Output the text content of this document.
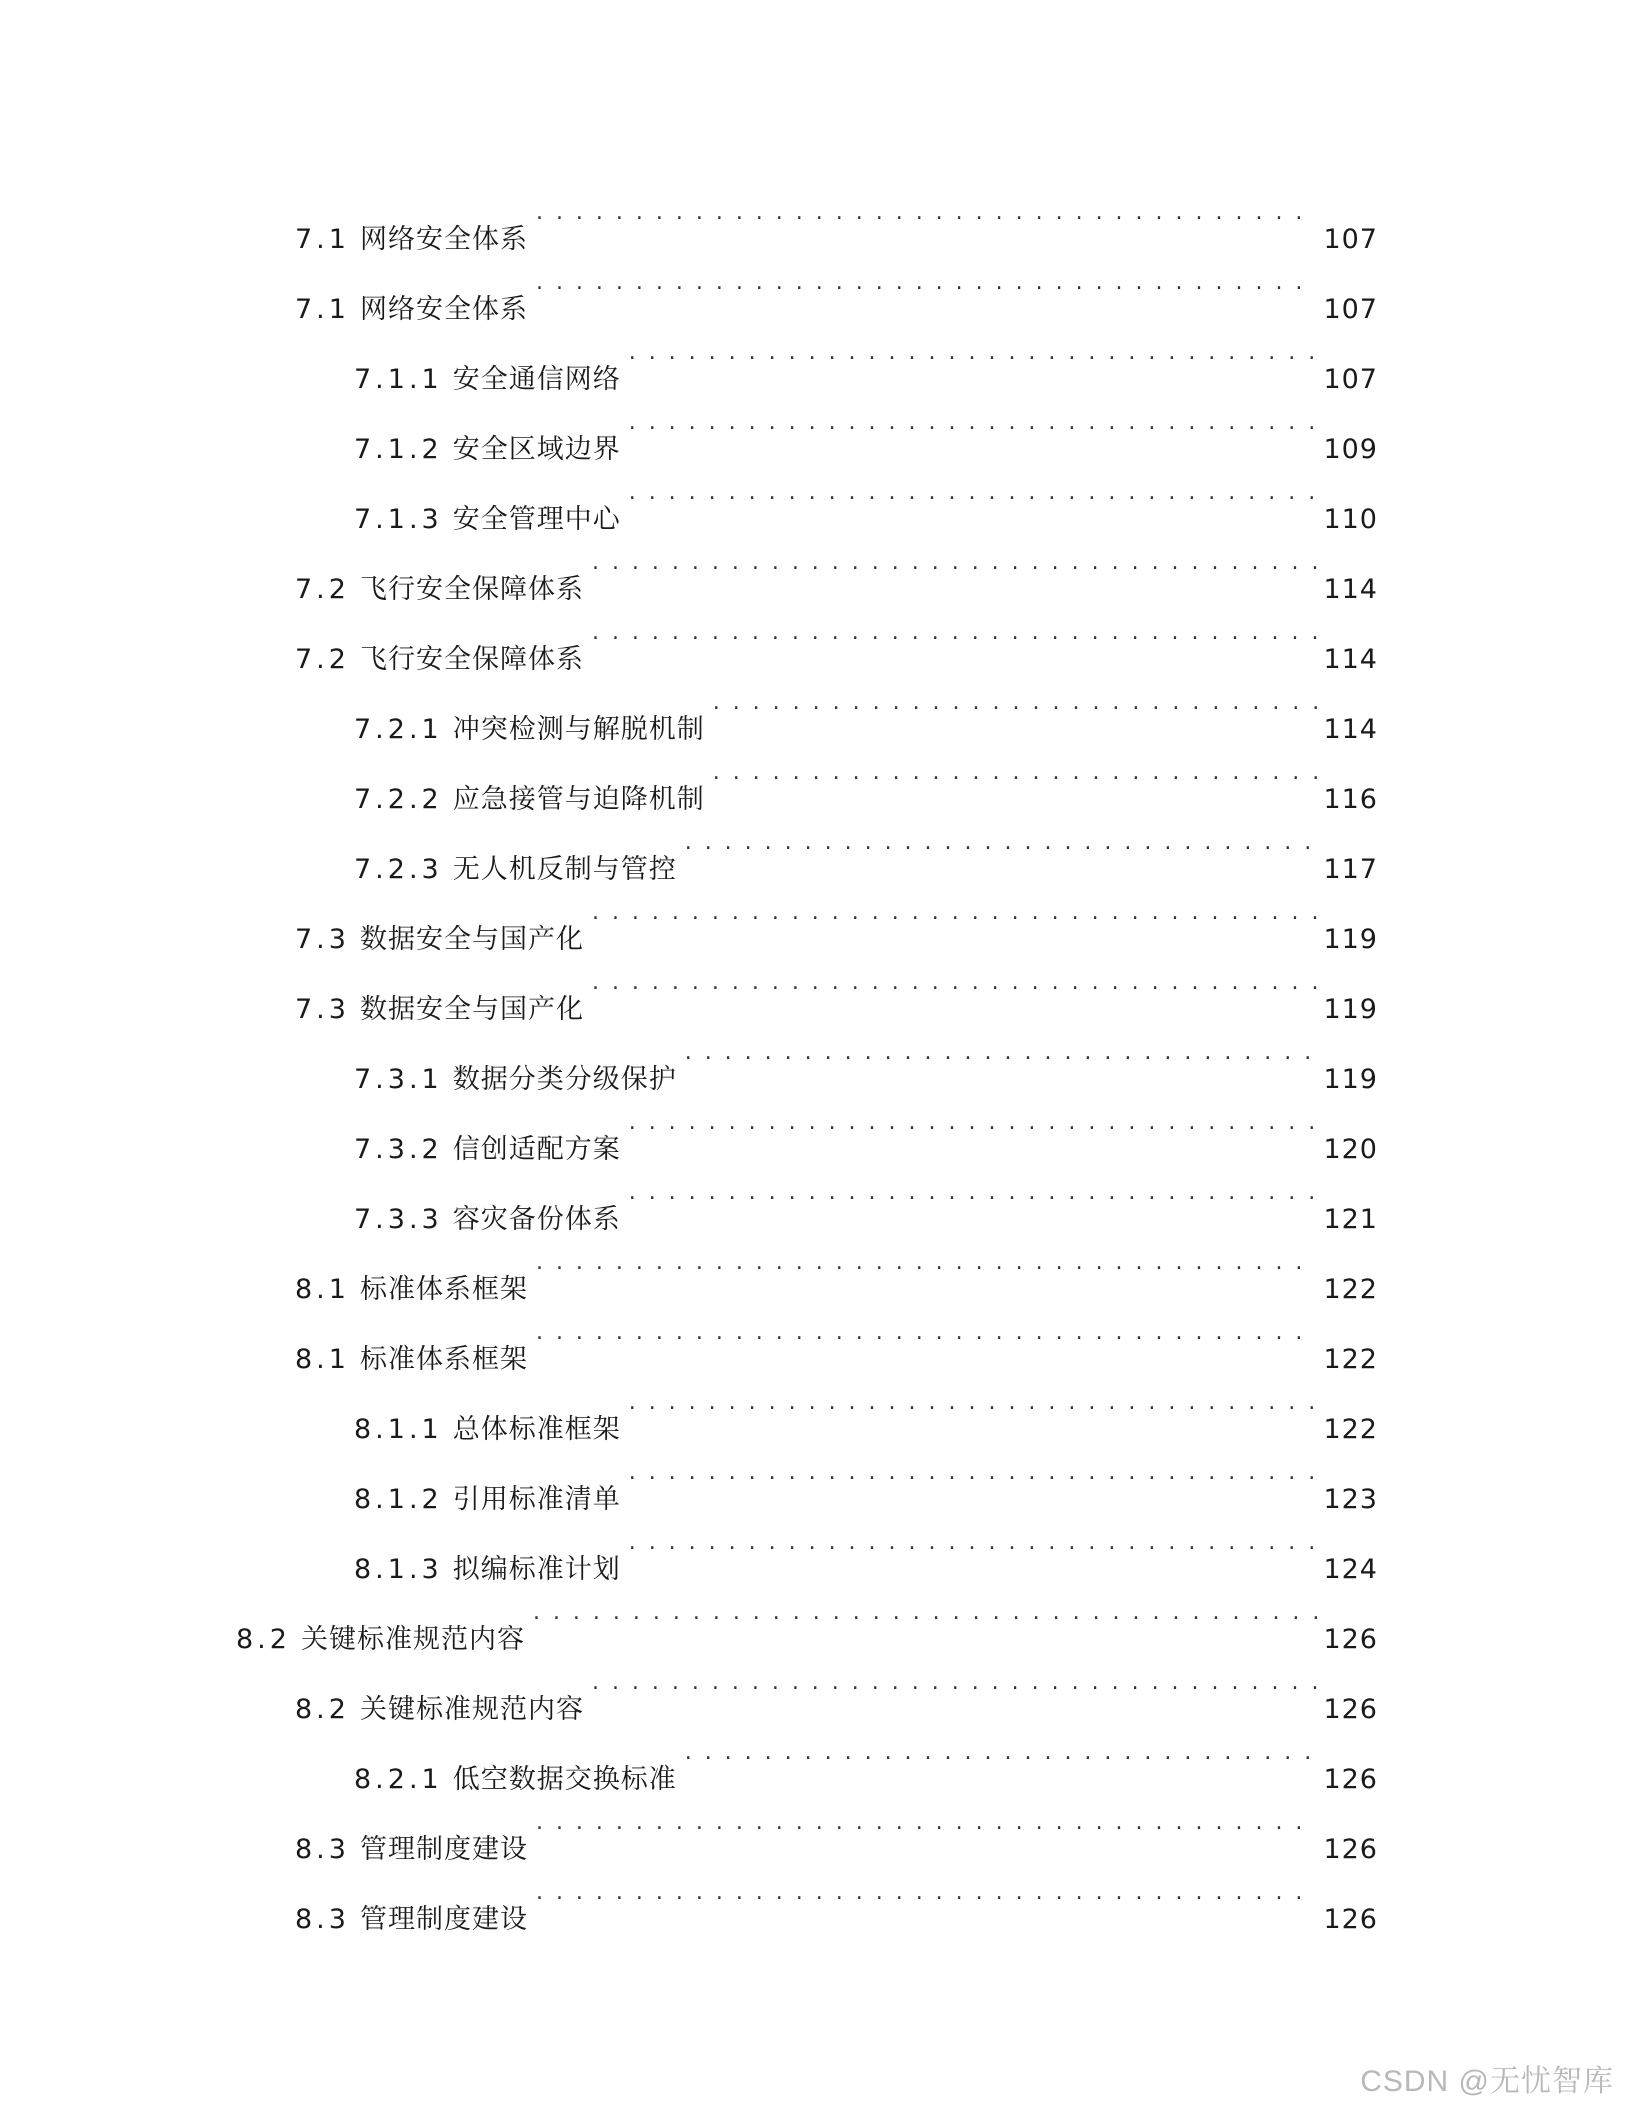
7.1 网络安全体系 . . .	107
7.1 网络安全体系 . . .	107
7.1.1 安全通信网络 . . .	107
7.1.2 安全区域边界 . . .	109
7.1.3 安全管理中心 . . .	110
7.2 飞行安全保障体系 . . .	114
7.2 飞行安全保障体系 . . .	114
7.2.1 冲突检测与解脱机制 . . .	114
7.2.2 应急接管与迫降机制 . . .	116
7.2.3 无人机反制与管控 . . .	117
7.3 数据安全与国产化 . . .	119
7.3 数据安全与国产化 . . .	119
7.3.1 数据分类分级保护 . . .	119
7.3.2 信创适配方案 . . .	120
7.3.3 容灾备份体系 . . .	121
8.1 标准体系框架 . . .	122
8.1 标准体系框架 . . .	122
8.1.1 总体标准框架 . . .	122
8.1.2 引用标准清单 . . .	123
8.1.3 拟编标准计划 . . .	124
8.2 关键标准规范内容 . . .	126
8.2 关键标准规范内容 . . .	126
8.2.1 低空数据交换标准 . . .	126
8.3 管理制度建设 . . .	126
8.3 管理制度建设 . . .	126
CSDN @无忧智库
